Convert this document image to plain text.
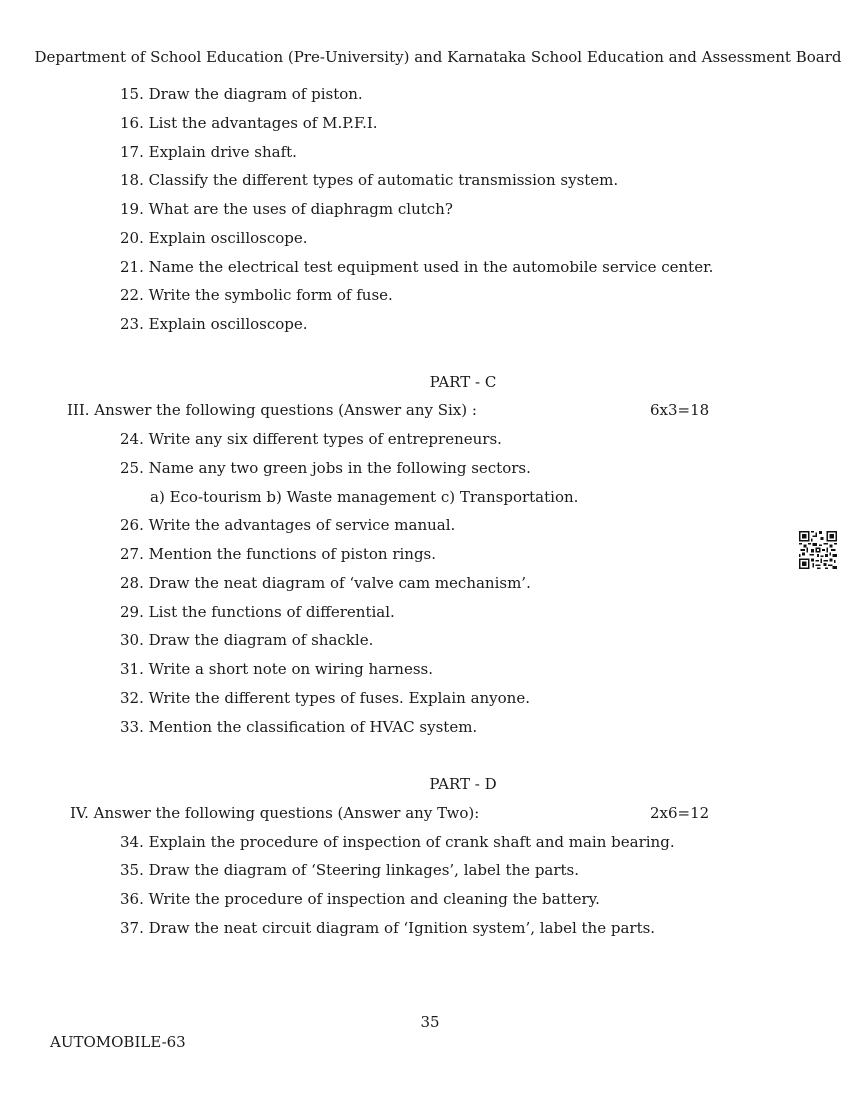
Department of School Education (Pre-University) and Karnataka School Education and Assessment Board
15. Draw the diagram of piston.
16. List the advantages of M.P.F.I.
17. Explain drive shaft.
18. Classify the different types of automatic transmission system.
19. What are the uses of diaphragm clutch?
20. Explain oscilloscope.
21. Name the electrical test equipment used in the automobile service center.
22. Write the symbolic form of fuse.
23. Explain oscilloscope.
PART - C
III. Answer the following questions (Answer any Six) :	6x3=18
24. Write any six different types of entrepreneurs.
25. Name any two green jobs in the following sectors.
a) Eco-tourism b) Waste management c) Transportation.
26. Write the advantages of service manual.
27. Mention the functions of piston rings.
28. Draw the neat diagram of ‘valve cam mechanism’.
29. List the functions of differential.
30. Draw the diagram of shackle.
31. Write a short note on wiring harness.
32. Write the different types of fuses. Explain anyone.
33. Mention the classification of HVAC system.
PART - D
IV. Answer the following questions (Answer any Two):	2x6=12
34. Explain the procedure of inspection of crank shaft and main bearing.
35. Draw the diagram of ‘Steering linkages’, label the parts.
36. Write the procedure of inspection and cleaning the battery.
37. Draw the neat circuit diagram of ‘Ignition system’, label the parts.
35
AUTOMOBILE-63
